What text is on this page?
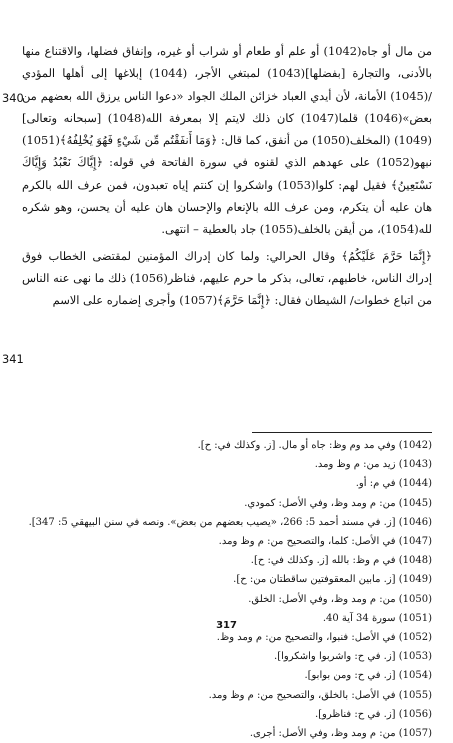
340
341

من مال أو جاه(1042) أو علم أو طعام أو شراب أو غيره، وإنفاق فضلها، والاقتناع منها بالأدنى، والتجارة [بفضلها](1043) لمبتغي الأجر، (1044) إبلاغها إلى أهلها المؤدي /(1045) الأمانة، لأن أيدي العباد خزائن الملك الجواد «دعوا الناس يرزق الله بعضهم من بعض»(1046) قلما(1047) كان ذلك لايتم إلا بمعرفة الله(1048) [سبحانه وتعالى](1049) (المخلف(1050) من أنفق، كما قال: ﴿وَمَا أَنفَقْتُم مِّن شَيْءٍ فَهُوَ يُخْلِفُهُ﴾(1051) نبهو(1052) على عهدهم الذي لقنوه في سورة الفاتحة في قوله: ﴿إِيَّاكَ نَعْبُدُ وَإِيَّاكَ نَسْتَعِينُ﴾ فقيل لهم: كلوا(1053) واشكروا إن كنتم إياه تعبدون، فمن عرف الله بالكرم هان عليه أن يتكرم، ومن عرف الله بالإنعام والإحسان هان عليه أن يحسن، وهو شكره لله(1054)، من أيقن بالخلف(1055) جاد بالعطية – انتهى.

﴿إِنَّمَا حَرَّمَ عَلَيْكُمُ﴾ وقال الحرالي: ولما كان إدراك المؤمنين لمقتضى الخطاب فوق إدراك الناس، خاطبهم، تعالى، بذكر ما حرم عليهم، فناظر(1056) ذلك ما نهى عنه الناس من اتباع خطوات/ الشيطان فقال: ﴿إِنَّمَا حَرَّمَ﴾(1057) وأجرى إضماره على الاسم

(1042) وفي مد وم وظ: جاه أو مال. [ز. وكذلك في: ح].
(1043) زيد من: م وظ ومد.
(1044) في م: أو.
(1045) من: م ومد وظ، وفي الأصل: كمودي.
(1046) [ز. في مسند أحمد 5: 266، «يصيب بعضهم من بعض». ونصه في سنن البيهقي 5: 347].
(1047) في الأصل: كلما، والتصحيح من: م وظ ومد.
(1048) في م وظ: بالله [ز. وكذلك في: ح].
(1049) [ز. مابين المعقوفتين ساقطتان من: ح].
(1050) من: م ومد وظ، وفي الأصل: الخلق.
(1051) سورة 34 آية 40.
(1052) في الأصل: فنبوا، والتصحيح من: م ومد وظ.
(1053) [ز. في ح: واشربوا واشكروا].
(1054) [ز. في ح: ومن بوابو].
(1055) في الأصل: بالخلق، والتصحيح من: م وظ ومد.
(1056) [ز. في ح: فناظرو].
(1057) من: م ومد وظ، وفي الأصل: أجرى.
317
